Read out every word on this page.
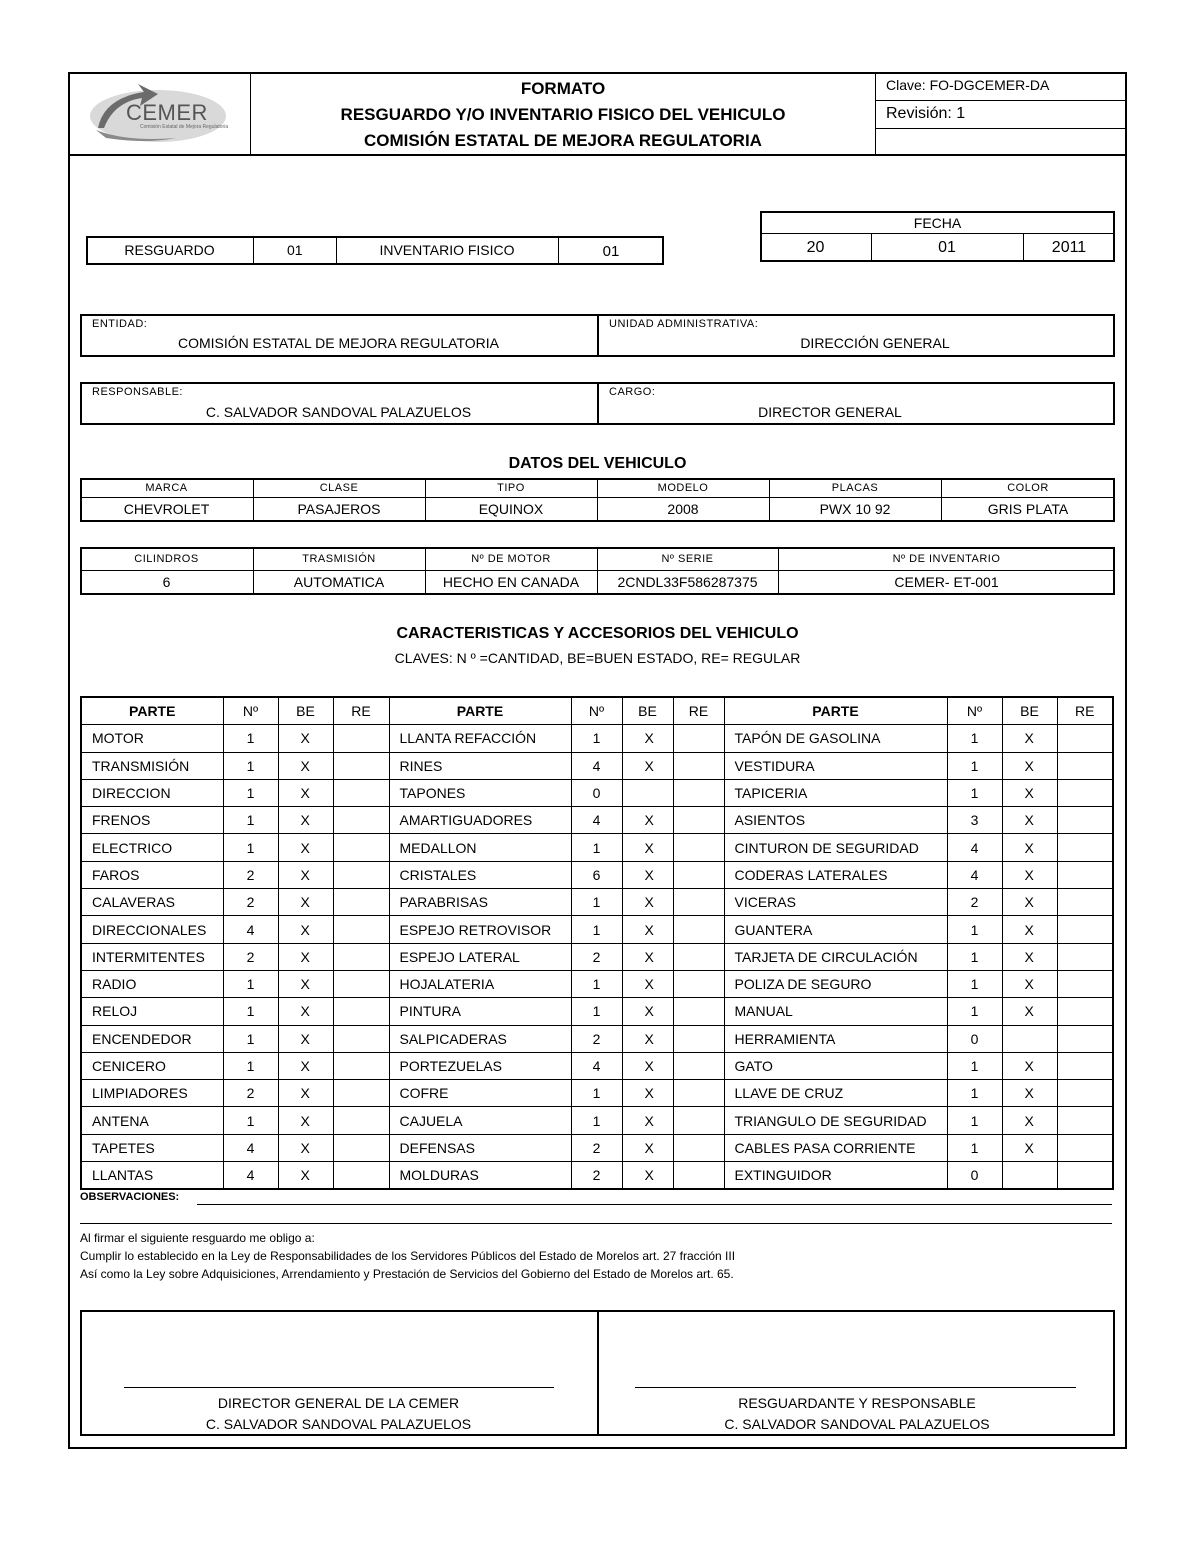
CEMER
Comisión Estatal de Mejora Regulatoria
FORMATO
RESGUARDO Y/O INVENTARIO FISICO DEL VEHICULO
COMISIÓN ESTATAL DE MEJORA REGULATORIA
Clave: FO-DGCEMER-DA
Revisión: 1
RESGUARDO	01	INVENTARIO FISICO	01
FECHA
20	01	2011
ENTIDAD:
COMISIÓN ESTATAL DE MEJORA REGULATORIA
UNIDAD ADMINISTRATIVA:
DIRECCIÓN GENERAL
RESPONSABLE:
C. SALVADOR SANDOVAL PALAZUELOS
CARGO:
DIRECTOR GENERAL
DATOS DEL VEHICULO
MARCA
CHEVROLET
CLASE
PASAJEROS
TIPO
EQUINOX
MODELO
2008
PLACAS
PWX 10 92
COLOR
GRIS PLATA
CILINDROS
6
TRASMISIÓN
AUTOMATICA
Nº DE MOTOR
HECHO EN CANADA
Nº SERIE
2CNDL33F586287375
Nº DE INVENTARIO
CEMER- ET-001
CARACTERISTICAS Y ACCESORIOS DEL VEHICULO
CLAVES: N º =CANTIDAD, BE=BUEN ESTADO, RE= REGULAR
PARTE	Nº	BE	RE	PARTE	Nº	BE	RE	PARTE	Nº	BE	RE
MOTOR	1	X		LLANTA REFACCIÓN	1	X		TAPÓN DE GASOLINA	1	X	
TRANSMISIÓN	1	X		RINES	4	X		VESTIDURA	1	X	
DIRECCION	1	X		TAPONES	0			TAPICERIA	1	X	
FRENOS	1	X		AMARTIGUADORES	4	X		ASIENTOS	3	X	
ELECTRICO	1	X		MEDALLON	1	X		CINTURON DE SEGURIDAD	4	X	
FAROS	2	X		CRISTALES	6	X		CODERAS LATERALES	4	X	
CALAVERAS	2	X		PARABRISAS	1	X		VICERAS	2	X	
DIRECCIONALES	4	X		ESPEJO RETROVISOR	1	X		GUANTERA	1	X	
INTERMITENTES	2	X		ESPEJO LATERAL	2	X		TARJETA DE CIRCULACIÓN	1	X	
RADIO	1	X		HOJALATERIA	1	X		POLIZA DE SEGURO	1	X	
RELOJ	1	X		PINTURA	1	X		MANUAL	1	X	
ENCENDEDOR	1	X		SALPICADERAS	2	X		HERRAMIENTA	0		
CENICERO	1	X		PORTEZUELAS	4	X		GATO	1	X	
LIMPIADORES	2	X		COFRE	1	X		LLAVE DE CRUZ	1	X	
ANTENA	1	X		CAJUELA	1	X		TRIANGULO DE SEGURIDAD	1	X	
TAPETES	4	X		DEFENSAS	2	X		CABLES PASA CORRIENTE	1	X	
LLANTAS	4	X		MOLDURAS	2	X		EXTINGUIDOR	0		
OBSERVACIONES:
Al firmar el siguiente resguardo me obligo a:
Cumplir lo establecido en la Ley de Responsabilidades de los Servidores Públicos del Estado de Morelos art. 27 fracción III
Así como la Ley sobre Adquisiciones, Arrendamiento y Prestación de Servicios del Gobierno del Estado de Morelos art. 65.
DIRECTOR GENERAL DE LA CEMER
C. SALVADOR SANDOVAL PALAZUELOS
RESGUARDANTE Y RESPONSABLE
C. SALVADOR SANDOVAL PALAZUELOS
